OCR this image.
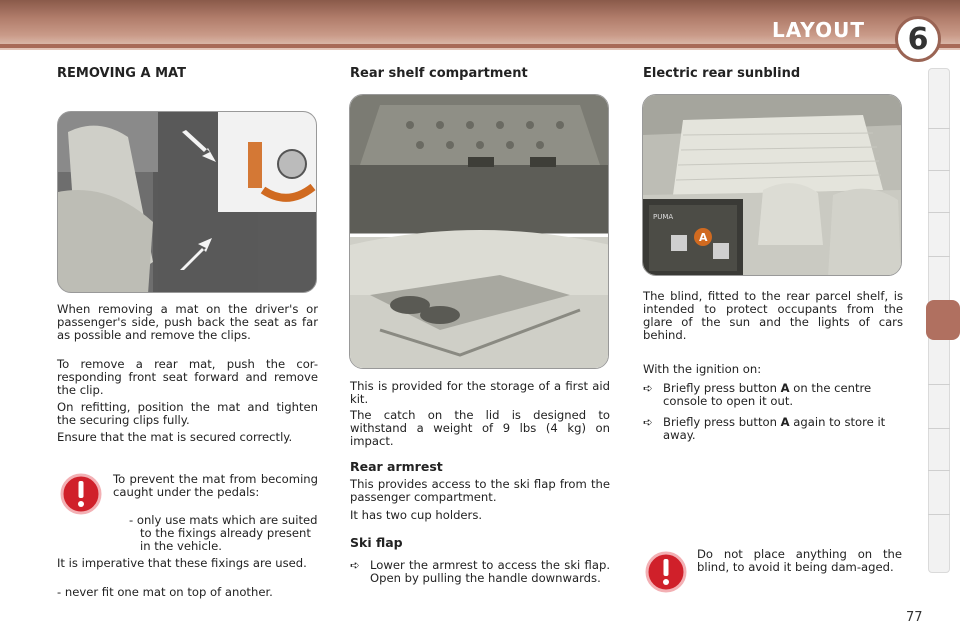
LAYOUT 6
REMOVING A MAT
When removing a mat on the driver's or passenger's side, push back the seat as far as possible and remove the clips.
To remove a rear mat, push the cor-responding front seat forward and remove the clip.
On refitting, position the mat and tighten the securing clips fully.
Ensure that the mat is secured correctly.
To prevent the mat from becoming caught under the pedals:
- only use mats which are suited to the fixings already present in the vehicle.
It is imperative that these fixings are used.
- never fit one mat on top of another.
Rear shelf compartment
This is provided for the storage of a first aid kit.
The catch on the lid is designed to withstand a weight of 9 lbs (4 kg) on impact.
Rear armrest
This provides access to the ski flap from the passenger compartment.
It has two cup holders.
Ski flap
➪ Lower the armrest to access the ski flap. Open by pulling the handle downwards.
Electric rear sunblind
PUMA
A
The blind, fitted to the rear parcel shelf, is intended to protect occupants from the glare of the sun and the lights of cars behind.
With the ignition on:
➪ Briefly press button A on the centre console to open it out.
➪ Briefly press button A again to store it away.
Do not place anything on the blind, to avoid it being dam-aged.
77
